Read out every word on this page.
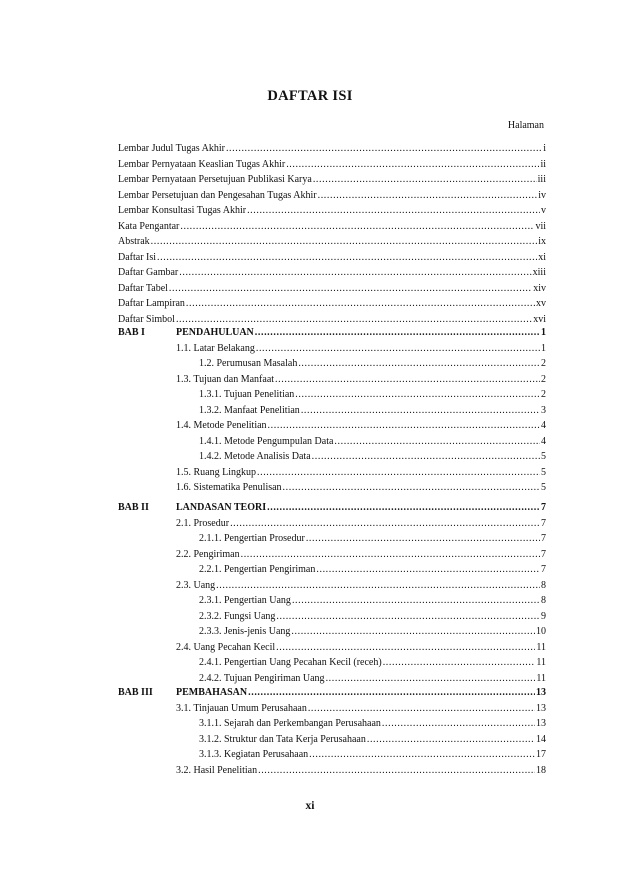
DAFTAR ISI
Halaman
xi
Lembar Judul Tugas Akhir .....	i
Lembar Pernyataan Keaslian Tugas Akhir .....	ii
Lembar Pernyataan Persetujuan Publikasi Karya .....	iii
Lembar Persetujuan dan Pengesahan Tugas Akhir .....	iv
Lembar Konsultasi Tugas Akhir .....	v
Kata Pengantar .....	vii
Abstrak .....	ix
Daftar Isi .....	xi
Daftar Gambar .....	xiii
Daftar Tabel .....	xiv
Daftar Lampiran .....	xv
Daftar Simbol .....	xvi
BAB I	PENDAHULUAN .....	1
1.1. Latar Belakang .....	1
1.2. Perumusan Masalah .....	2
1.3. Tujuan dan Manfaat .....	2
1.3.1. Tujuan Penelitian .....	2
1.3.2. Manfaat Penelitian .....	3
1.4. Metode Penelitian .....	4
1.4.1. Metode Pengumpulan Data .....	4
1.4.2. Metode Analisis Data .....	5
1.5. Ruang Lingkup .....	5
1.6. Sistematika Penulisan .....	5
BAB II	LANDASAN TEORI .....	7
2.1. Prosedur .....	7
2.1.1. Pengertian Prosedur .....	7
2.2. Pengiriman .....	7
2.2.1. Pengertian Pengiriman .....	7
2.3. Uang .....	8
2.3.1. Pengertian Uang .....	8
2.3.2. Fungsi Uang .....	9
2.3.3. Jenis-jenis Uang .....	10
2.4. Uang Pecahan Kecil .....	11
2.4.1. Pengertian Uang Pecahan Kecil (receh) .....	11
2.4.2. Tujuan Pengiriman Uang .....	11
BAB III PEMBAHASAN .....	13
3.1. Tinjauan Umum Perusahaan .....	13
3.1.1. Sejarah dan Perkembangan Perusahaan .....	13
3.1.2. Struktur dan Tata Kerja Perusahaan .....	14
3.1.3. Kegiatan Perusahaan .....	17
3.2. Hasil Penelitian .....	18
